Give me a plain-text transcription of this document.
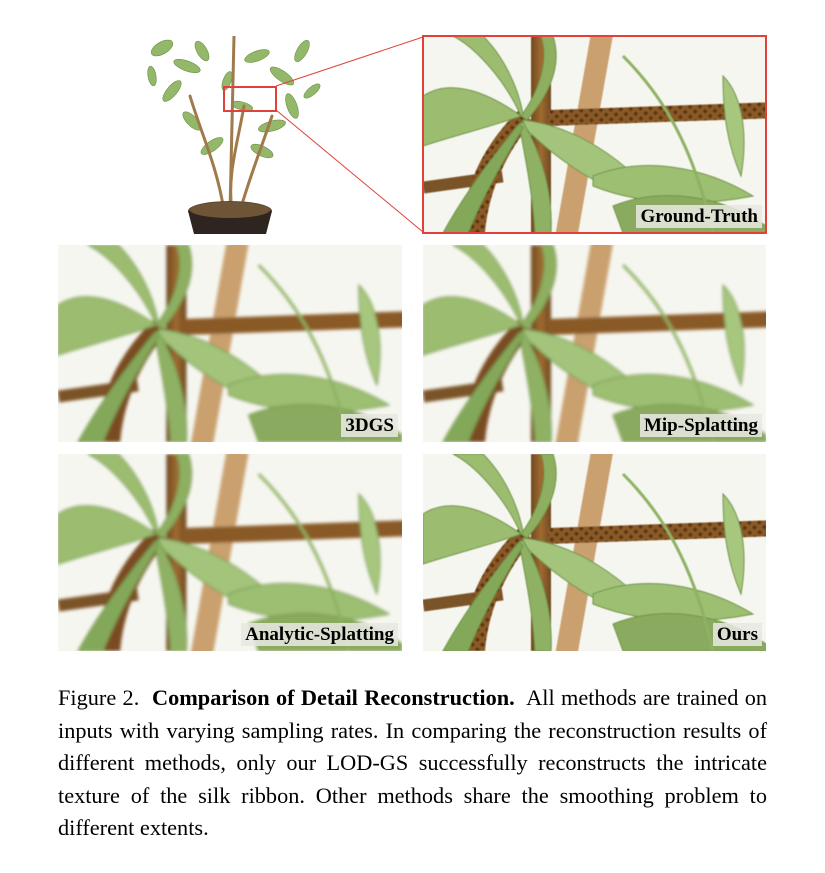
Ground-Truth
3DGS	Mip-Splatting
Analytic-Splatting	Ours
Figure 2. Comparison of Detail Reconstruction. All methods are trained on inputs with varying sampling rates. In comparing the reconstruction results of different methods, only our LOD-GS successfully reconstructs the intricate texture of the silk ribbon. Other methods share the smoothing problem to different extents.
